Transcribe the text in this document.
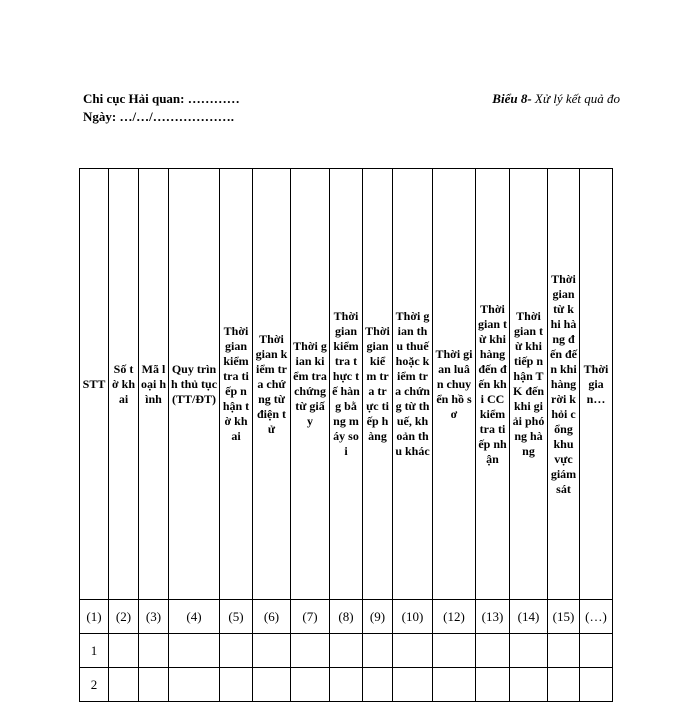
Chi cục Hải quan: …………
Ngày: …/…/……………….
Biểu 8- Xử lý kết quả đo
STT	Số tờ khai	Mã loại hình	Quy trình thủ tục (TT/ĐT)	Thời gian kiểm tra tiếp nhận tờ khai	Thời gian kiểm tra chứng từ điện tử	Thời gian kiểm tra chứng từ giấy	Thời gian kiểm tra thực tế hàng bằng máy soi	Thời gian kiểm tra trực tiếp hàng	Thời gian thu thuế hoặc kiểm tra chứng từ thuế, khoản thu khác	Thời gian luân chuyển hồ sơ	Thời gian từ khi hàng đến đến khi CC kiểm tra tiếp nhận	Thời gian từ khi tiếp nhận TK đến khi giải phóng hàng	Thời gian từ khi hàng đến đến khi hàng rời khỏi cổng khu vực giám sát	Thời gian…
(1)	(2)	(3)	(4)	(5)	(6)	(7)	(8)	(9)	(10)	(12)	(13)	(14)	(15)	(…)
1														
2														
